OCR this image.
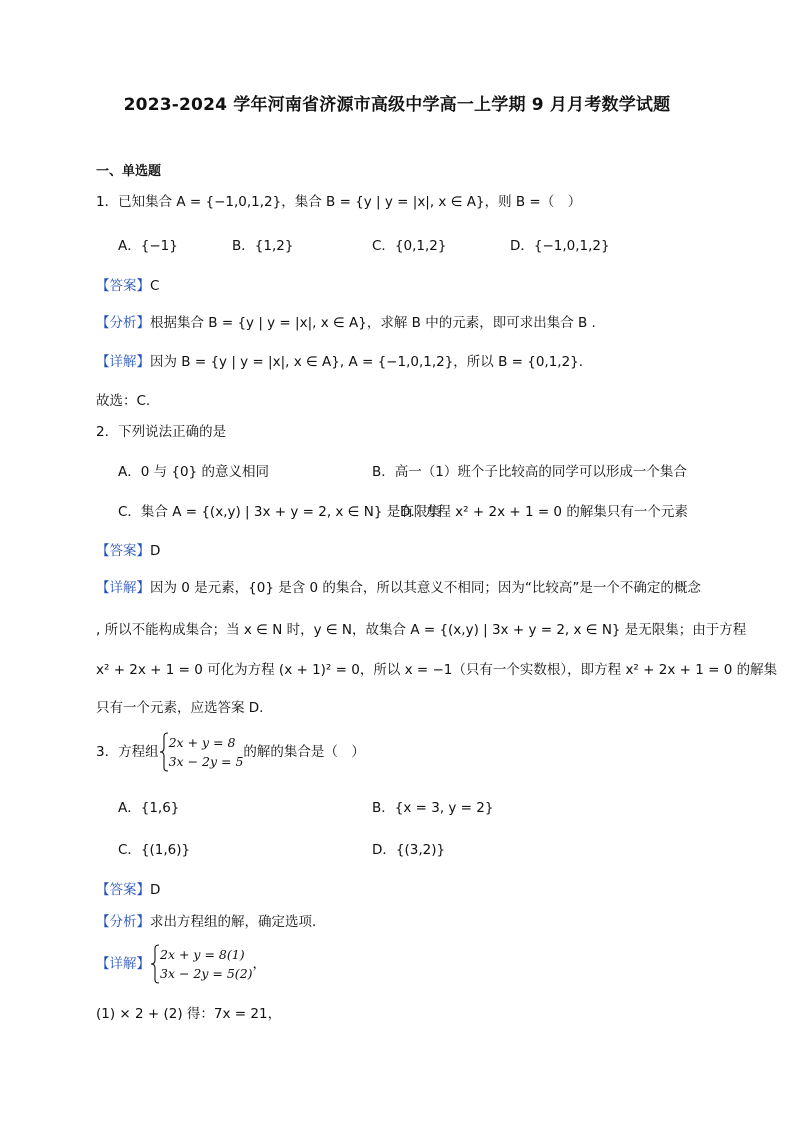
2023-2024 学年河南省济源市高级中学高一上学期 9 月月考数学试题
一、单选题
1．已知集合 A = {−1,0,1,2}，集合 B = {y | y = |x|, x ∈ A}，则 B =（　）
A．{−1}	B．{1,2}	C．{0,1,2}	D．{−1,0,1,2}
【答案】C
【分析】根据集合 B = {y | y = |x|, x ∈ A}，求解 B 中的元素，即可求出集合 B .
【详解】因为 B = {y | y = |x|, x ∈ A}, A = {−1,0,1,2}，所以 B = {0,1,2}.
故选：C.
2．下列说法正确的是
A．0 与 {0} 的意义相同	B．高一（1）班个子比较高的同学可以形成一个集合
C．集合 A = {(x,y) | 3x + y = 2, x ∈ N} 是有限集
D．方程 x² + 2x + 1 = 0 的解集只有一个元素
【答案】D
【详解】因为 0 是元素，{0} 是含 0 的集合，所以其意义不相同；因为“比较高”是一个不确定的概念
, 所以不能构成集合；当 x ∈ N 时，y ∈ N，故集合 A = {(x,y) | 3x + y = 2, x ∈ N} 是无限集；由于方程
x² + 2x + 1 = 0 可化为方程 (x + 1)² = 0，所以 x = −1（只有一个实数根），即方程 x² + 2x + 1 = 0 的解集
只有一个元素，应选答案 D.
3．方程组
2x + y = 8
3x − 2y = 5
的解的集合是（　）
A．{1,6}	B．{x = 3, y = 2}
C．{(1,6)}	D．{(3,2)}
【答案】D
【分析】求出方程组的解，确定选项．
【详解】
2x + y = 8(1)
3x − 2y = 5(2)
，
(1) × 2 + (2) 得：7x = 21，
